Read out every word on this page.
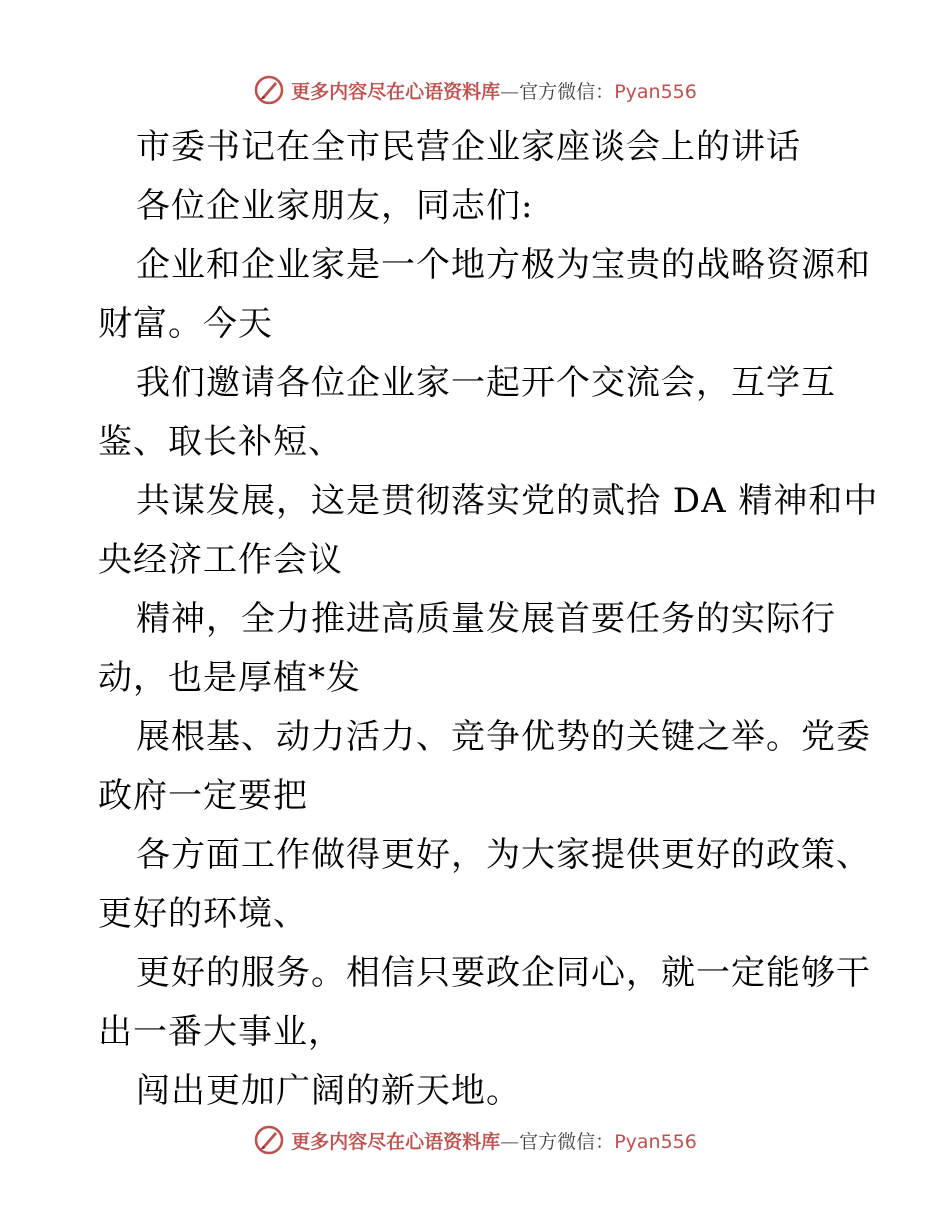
更多内容尽在心语资料库—官方微信：Pyan556
市委书记在全市民营企业家座谈会上的讲话
各位企业家朋友，同志们:
企业和企业家是一个地方极为宝贵的战略资源和
财富。今天
我们邀请各位企业家一起开个交流会，互学互
鉴、取长补短、
共谋发展，这是贯彻落实党的贰拾 DA 精神和中
央经济工作会议
精神，全力推进高质量发展首要任务的实际行
动，也是厚植*发
展根基、动力活力、竞争优势的关键之举。党委
政府一定要把
各方面工作做得更好，为大家提供更好的政策、
更好的环境、
更好的服务。相信只要政企同心，就一定能够干
出一番大事业，
闯出更加广阔的新天地。
更多内容尽在心语资料库—官方微信：Pyan556
